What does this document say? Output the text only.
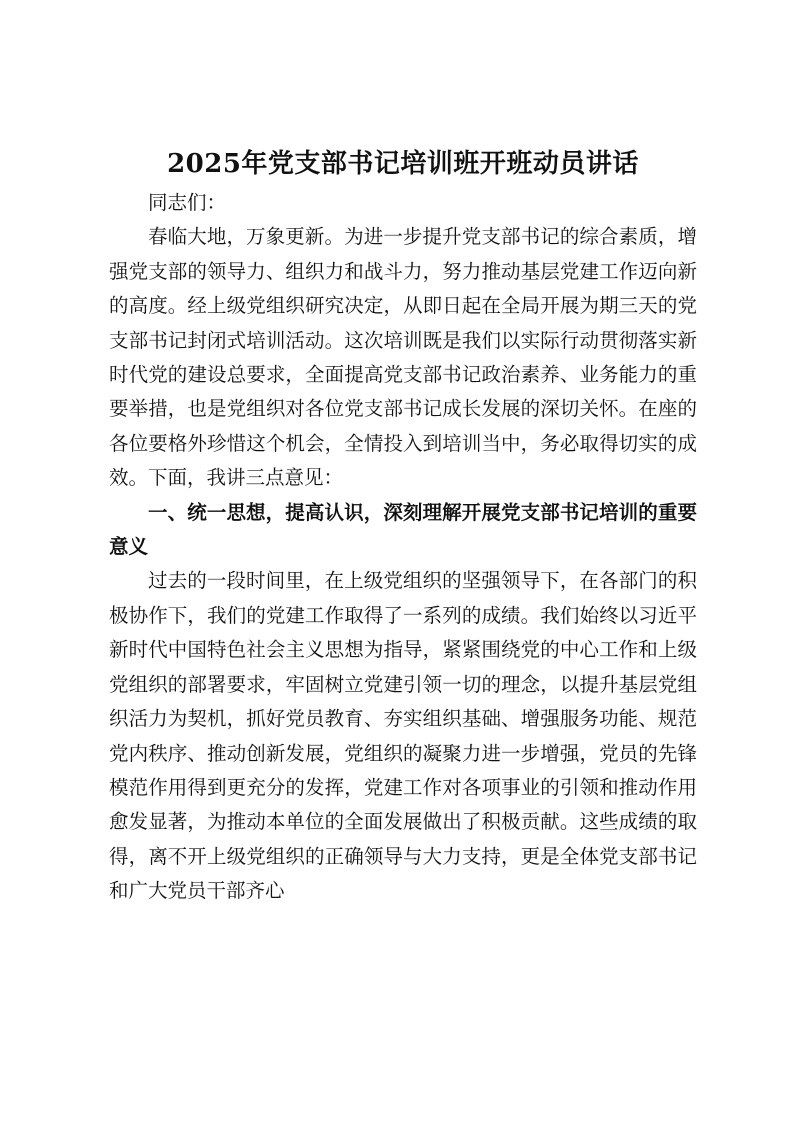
2025年党支部书记培训班开班动员讲话

同志们：

春临大地，万象更新。为进一步提升党支部书记的综合素质，增强党支部的领导力、组织力和战斗力，努力推动基层党建工作迈向新的高度。经上级党组织研究决定，从即日起在全局开展为期三天的党支部书记封闭式培训活动。这次培训既是我们以实际行动贯彻落实新时代党的建设总要求，全面提高党支部书记政治素养、业务能力的重要举措，也是党组织对各位党支部书记成长发展的深切关怀。在座的各位要格外珍惜这个机会，全情投入到培训当中，务必取得切实的成效。下面，我讲三点意见：

一、统一思想，提高认识，深刻理解开展党支部书记培训的重要意义

过去的一段时间里，在上级党组织的坚强领导下，在各部门的积极协作下，我们的党建工作取得了一系列的成绩。我们始终以习近平新时代中国特色社会主义思想为指导，紧紧围绕党的中心工作和上级党组织的部署要求，牢固树立党建引领一切的理念，以提升基层党组织活力为契机，抓好党员教育、夯实组织基础、增强服务功能、规范党内秩序、推动创新发展，党组织的凝聚力进一步增强，党员的先锋模范作用得到更充分的发挥，党建工作对各项事业的引领和推动作用愈发显著，为推动本单位的全面发展做出了积极贡献。这些成绩的取得，离不开上级党组织的正确领导与大力支持，更是全体党支部书记和广大党员干部齐心
